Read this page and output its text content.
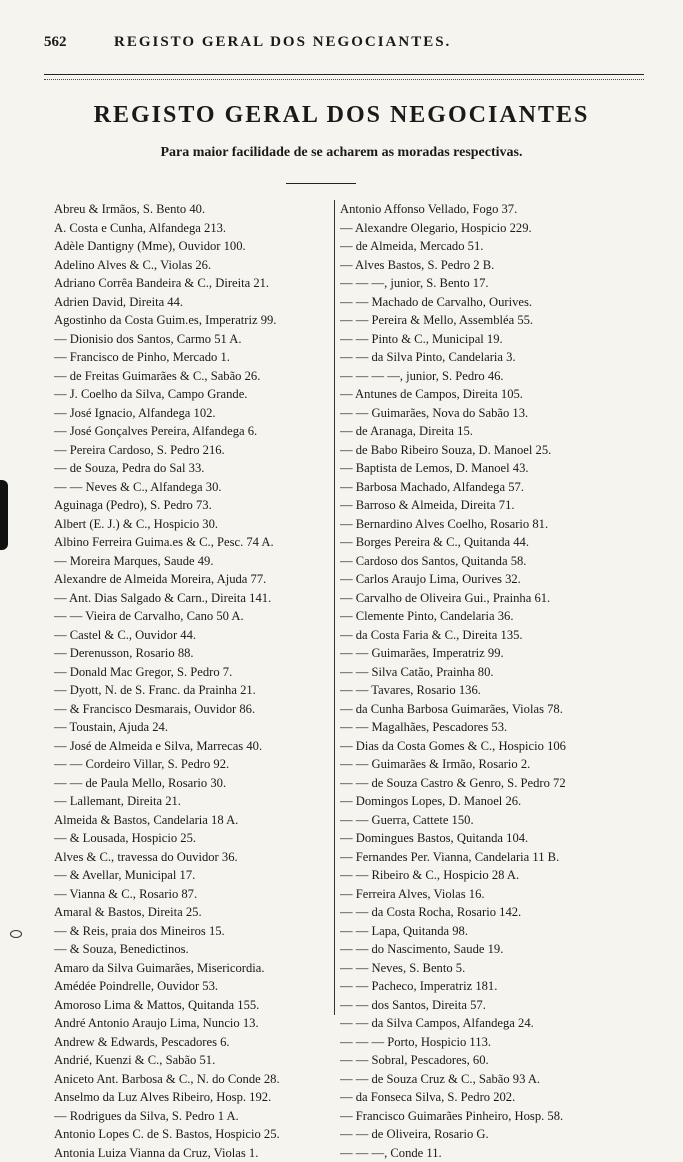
562	REGISTO GERAL DOS NEGOCIANTES.
REGISTO GERAL DOS NEGOCIANTES
Para maior facilidade de se acharem as moradas respectivas.

Abreu & Irmãos, S. Bento 40.

A. Costa e Cunha, Alfandega 213.

Adèle Dantigny (Mme), Ouvidor 100.

Adelino Alves & C., Violas 26.

Adriano Corrêa Bandeira & C., Direita 21.

Adrien David, Direita 44.

Agostinho da Costa Guim.es, Imperatriz 99.

— Dionisio dos Santos, Carmo 51 A.

— Francisco de Pinho, Mercado 1.

— de Freitas Guimarães & C., Sabão 26.

— J. Coelho da Silva, Campo Grande.

— José Ignacio, Alfandega 102.

— José Gonçalves Pereira, Alfandega 6.

— Pereira Cardoso, S. Pedro 216.

— de Souza, Pedra do Sal 33.

— — Neves & C., Alfandega 30.

Aguinaga (Pedro), S. Pedro 73.

Albert (E. J.) & C., Hospicio 30.

Albino Ferreira Guima.es & C., Pesc. 74 A.

— Moreira Marques, Saude 49.

Alexandre de Almeida Moreira, Ajuda 77.

— Ant. Dias Salgado & Carn., Direita 141.

— — Vieira de Carvalho, Cano 50 A.

— Castel & C., Ouvidor 44.

— Derenusson, Rosario 88.

— Donald Mac Gregor, S. Pedro 7.

— Dyott, N. de S. Franc. da Prainha 21.

— & Francisco Desmarais, Ouvidor 86.

— Toustain, Ajuda 24.

— José de Almeida e Silva, Marrecas 40.

— — Cordeiro Villar, S. Pedro 92.

— — de Paula Mello, Rosario 30.

— Lallemant, Direita 21.

Almeida & Bastos, Candelaria 18 A.

— & Lousada, Hospicio 25.

Alves & C., travessa do Ouvidor 36.

— & Avellar, Municipal 17.

— Vianna & C., Rosario 87.

Amaral & Bastos, Direita 25.

— & Reis, praia dos Mineiros 15.

— & Souza, Benedictinos.

Amaro da Silva Guimarães, Misericordia.

Amédée Poindrelle, Ouvidor 53.

Amoroso Lima & Mattos, Quitanda 155.

André Antonio Araujo Lima, Nuncio 13.

Andrew & Edwards, Pescadores 6.

Andrié, Kuenzi & C., Sabão 51.

Aniceto Ant. Barbosa & C., N. do Conde 28.

Anselmo da Luz Alves Ribeiro, Hosp. 192.

— Rodrigues da Silva, S. Pedro 1 A.

Antonio Lopes C. de S. Bastos, Hospicio 25.

Antonia Luiza Vianna da Cruz, Violas 1.

Antonio Affonso Vellado, Fogo 37.

— Alexandre Olegario, Hospicio 229.

— de Almeida, Mercado 51.

— Alves Bastos, S. Pedro 2 B.

— — —, junior, S. Bento 17.

— — Machado de Carvalho, Ourives.

— — Pereira & Mello, Assembléa 55.

— — Pinto & C., Municipal 19.

— — da Silva Pinto, Candelaria 3.

— — — —, junior, S. Pedro 46.

— Antunes de Campos, Direita 105.

— — Guimarães, Nova do Sabão 13.

— de Aranaga, Direita 15.

— de Babo Ribeiro Souza, D. Manoel 25.

— Baptista de Lemos, D. Manoel 43.

— Barbosa Machado, Alfandega 57.

— Barroso & Almeida, Direita 71.

— Bernardino Alves Coelho, Rosario 81.

— Borges Pereira & C., Quitanda 44.

— Cardoso dos Santos, Quitanda 58.

— Carlos Araujo Lima, Ourives 32.

— Carvalho de Oliveira Gui., Prainha 61.

— Clemente Pinto, Candelaria 36.

— da Costa Faria & C., Direita 135.

— — Guimarães, Imperatriz 99.

— — Silva Catão, Prainha 80.

— — Tavares, Rosario 136.

— da Cunha Barbosa Guimarães, Violas 78.

— — Magalhães, Pescadores 53.

— Dias da Costa Gomes & C., Hospicio 106

— — Guimarães & Irmão, Rosario 2.

— — de Souza Castro & Genro, S. Pedro 72

— Domingos Lopes, D. Manoel 26.

— — Guerra, Cattete 150.

— Domingues Bastos, Quitanda 104.

— Fernandes Per. Vianna, Candelaria 11 B.

— — Ribeiro & C., Hospicio 28 A.

— Ferreira Alves, Violas 16.

— — da Costa Rocha, Rosario 142.

— — Lapa, Quitanda 98.

— — do Nascimento, Saude 19.

— — Neves, S. Bento 5.

— — Pacheco, Imperatriz 181.

— — dos Santos, Direita 57.

— — da Silva Campos, Alfandega 24.

— — — Porto, Hospicio 113.

— — Sobral, Pescadores, 60.

— — de Souza Cruz & C., Sabão 93 A.

— da Fonseca Silva, S. Pedro 202.

— Francisco Guimarães Pinheiro, Hosp. 58.

— — de Oliveira, Rosario G.

— — —, Conde 11.
